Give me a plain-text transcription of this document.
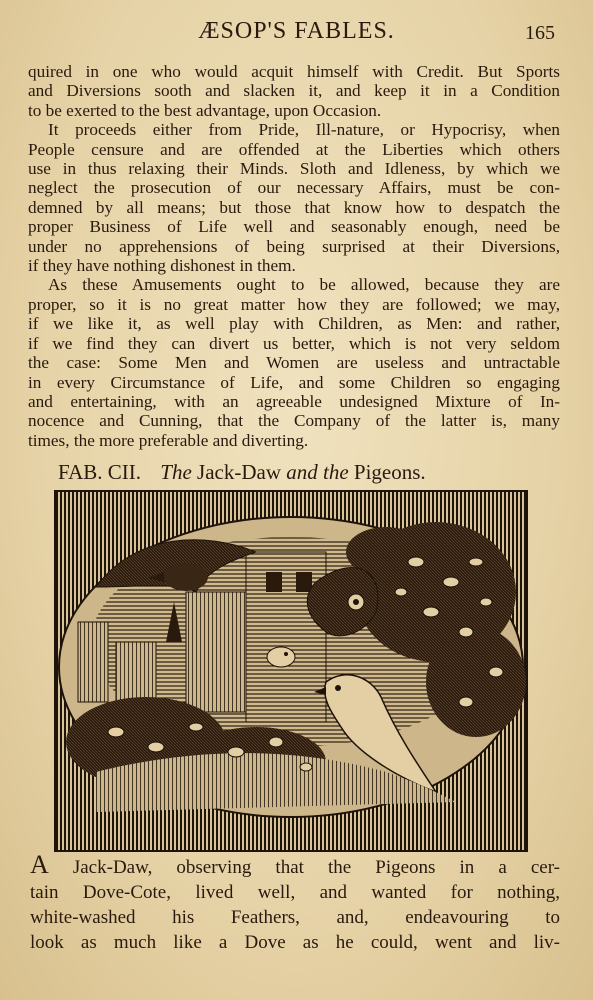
ÆSOP'S FABLES.	165
quired in one who would acquit himself with Credit. But Sports
and Diversions sooth and slacken it, and keep it in a Condition
to be exerted to the best advantage, upon Occasion.
It proceeds either from Pride, Ill-nature, or Hypocrisy, when
People censure and are offended at the Liberties which others
use in thus relaxing their Minds. Sloth and Idleness, by which we
neglect the prosecution of our necessary Affairs, must be con-
demned by all means; but those that know how to despatch the
proper Business of Life well and seasonably enough, need be
under no apprehensions of being surprised at their Diversions,
if they have nothing dishonest in them.
As these Amusements ought to be allowed, because they are
proper, so it is no great matter how they are followed; we may,
if we like it, as well play with Children, as Men: and rather,
if we find they can divert us better, which is not very seldom
the case: Some Men and Women are useless and untractable
in every Circumstance of Life, and some Children so engaging
and entertaining, with an agreeable undesigned Mixture of In-
nocence and Cunning, that the Company of the latter is, many
times, the more preferable and diverting.
FAB. CII. The Jack-Daw and the Pigeons.
A Jack-Daw, observing that the Pigeons in a cer-
tain Dove-Cote, lived well, and wanted for nothing,
white-washed his Feathers, and, endeavouring to
look as much like a Dove as he could, went and liv-
